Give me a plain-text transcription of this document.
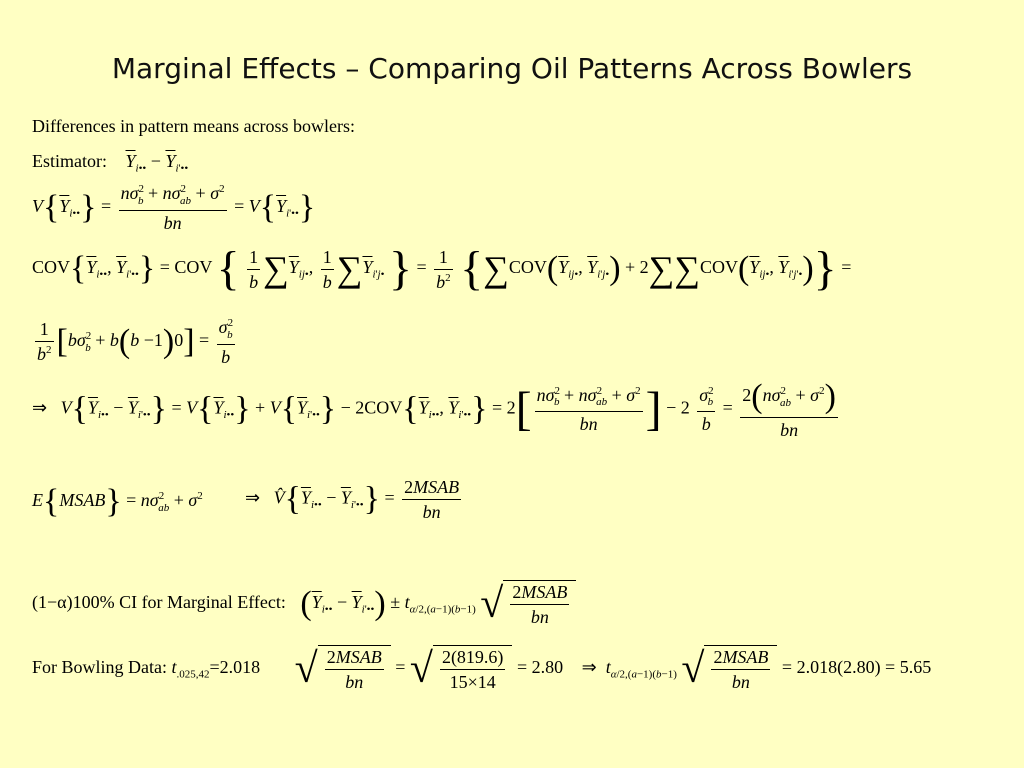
Marginal Effects – Comparing Oil Patterns Across Bowlers
Differences in pattern means across bowlers:
Estimator: $\overline{Y}_{i••} - \overline{Y}_{i'••}$
$V\{\overline{Y}_{i••}\} = \frac{n\sigma^2_b + n\sigma^2_{ab} + \sigma^2}{bn} = V\{\overline{Y}_{i'••}\}$
$COV\{\overline{Y}_{i••}$, $\overline{Y}_{i'••}$} = COV { $\frac{1}{b} \sum\overline{Y}_{ij•}$, $\frac{1}{b} \sum\overline{Y}_{i'j•}$ } = $\frac{1}{b^2} \{\sum COV(\overline{Y}_{ij•}$, $\overline{Y}_{i'j•}) + 2\sum\sum COV(\overline{Y}_{ij•}$, $\overline{Y}_{i'j'•}$)} =
$\frac{1}{b^2} [b\sigma^2_b + b(b -1)0] = \frac{\sigma^2_b}{b}$
⇒   $V\{\overline{Y}_{i••} - \overline{Y}_{i'••}\} = V\{\overline{Y}_{i••}\} + V\{\overline{Y}_{i'••}\} - 2COV\{\overline{Y}_{i••}$, $\overline{Y}_{i'••}\} = 2[ \frac{n\sigma^2_b + n\sigma^2_{ab} + \sigma^2}{bn}$ ] − $2 \frac{\sigma^2_b}{b} = \frac{2(n\sigma^2_{ab} + \sigma^2)}{bn}$
E{MSAB} = $n\sigma^2_{ab} + \sigma^2$ ⇒   $V̂\{\overline{Y}_{i••} - \overline{Y}_{i'••}\} = \frac{\text{2MSAB}}{bn}$
(1−α)100% CI for Marginal Effect: $(\overline{Y}_{i••} - \overline{Y}_{i'••}) \pm t_{\alpha/2,(a-1)(b-1)}$ √ $\frac{\text{2MSAB}}{bn}$
For Bowling Data: $t_{.025,42}=2.018$ √ $\frac{\text{2MSAB}}{bn}$ = √ $\frac{2(819.6)}{15\times 14} = 2.80$ ⇒  $t_{\alpha/2,(a-1)(b-1)}$ √ $\frac{\text{2MSAB}}{bn} = 2.018(2.80) = 5.65$
